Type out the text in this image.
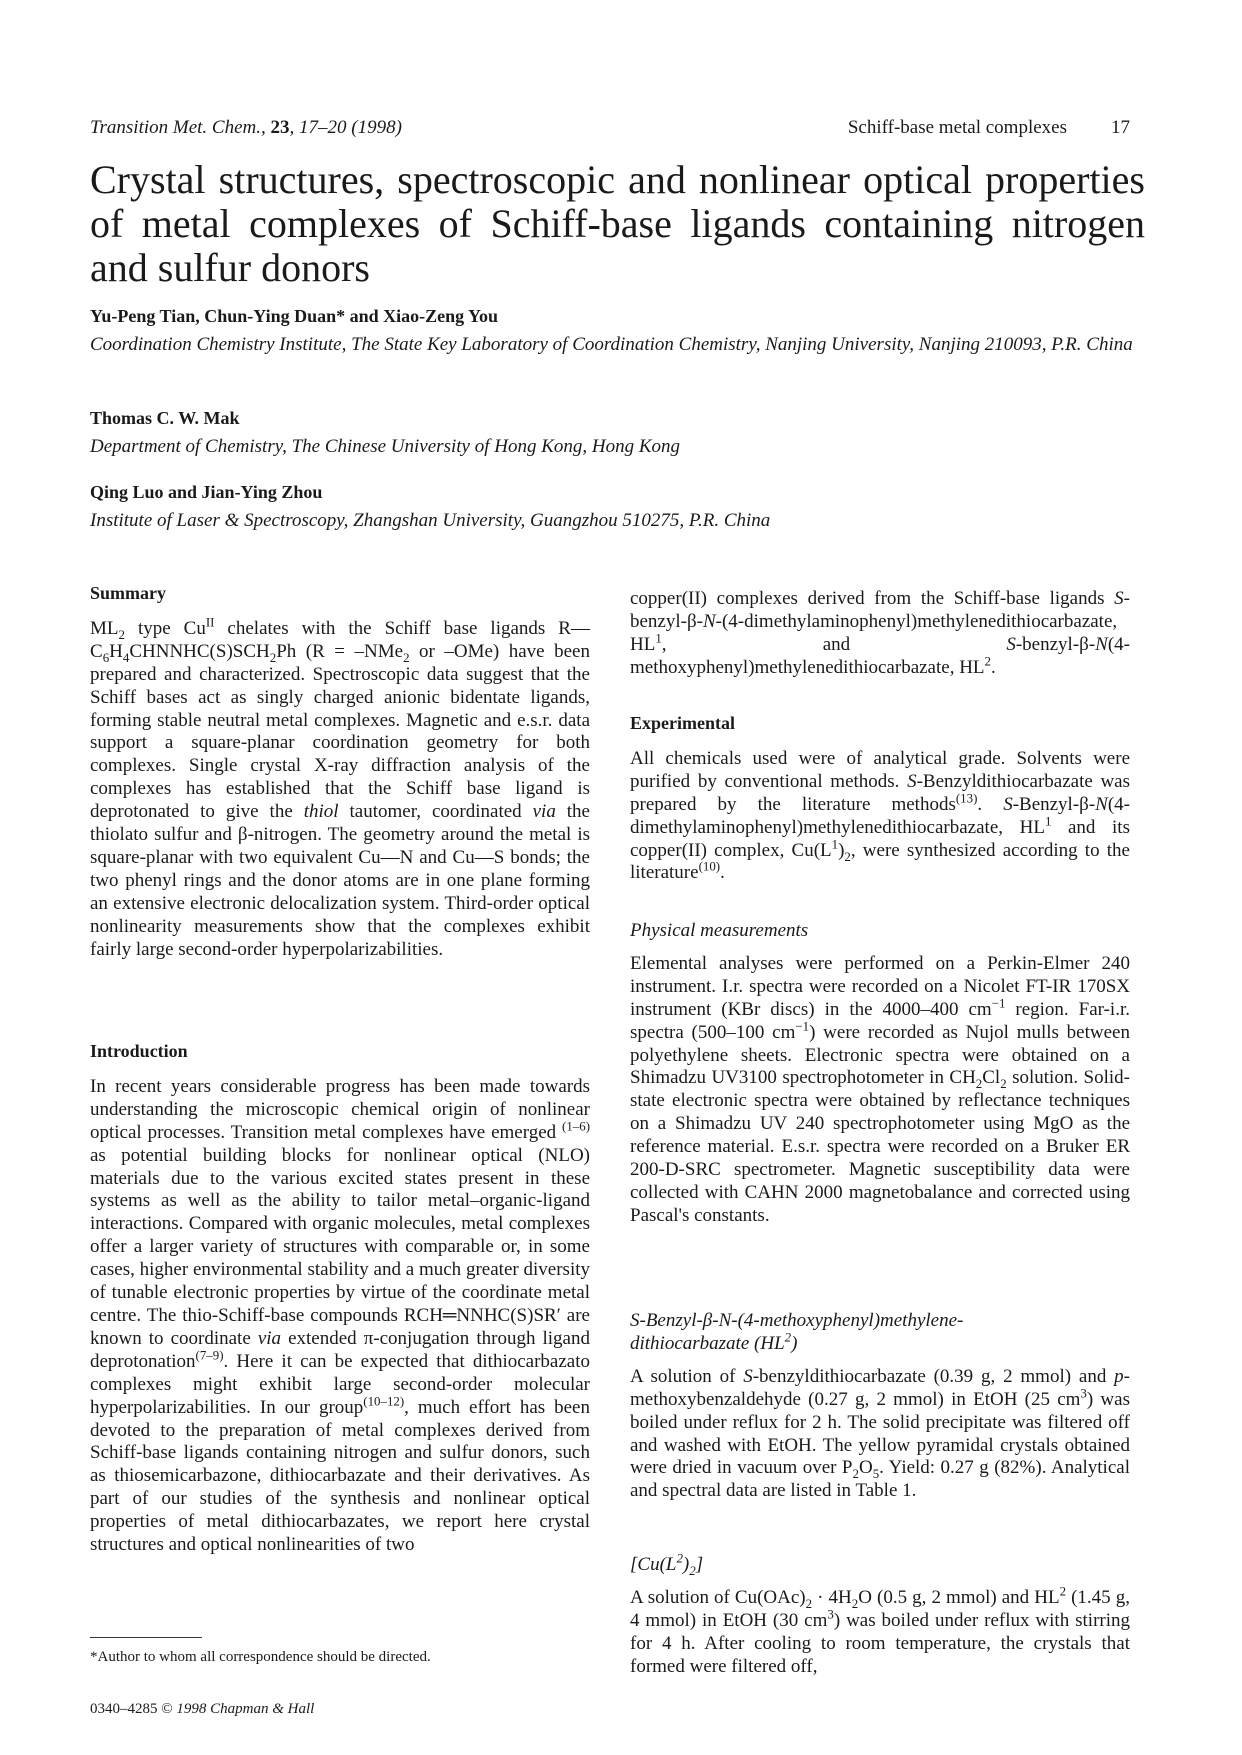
Transition Met. Chem., 23, 17–20 (1998)	Schiff-base metal complexes 17
Crystal structures, spectroscopic and nonlinear optical properties of metal complexes of Schiff-base ligands containing nitrogen and sulfur donors
Yu-Peng Tian, Chun-Ying Duan* and Xiao-Zeng You
Coordination Chemistry Institute, The State Key Laboratory of Coordination Chemistry, Nanjing University, Nanjing 210093, P.R. China
Thomas C. W. Mak
Department of Chemistry, The Chinese University of Hong Kong, Hong Kong
Qing Luo and Jian-Ying Zhou
Institute of Laser & Spectroscopy, Zhangshan University, Guangzhou 510275, P.R. China
Summary

$ML_2$ type $Cu^{II}$ chelates with the Schiff base ligands $R—C_6H_4CHNNHC(S)SCH_2Ph$ (R = –NMe$_2$ or –OMe) have been prepared and characterized. Spectroscopic data suggest that the Schiff bases act as singly charged anionic bidentate ligands, forming stable neutral metal complexes. Magnetic and e.s.r. data support a square-planar coordination geometry for both complexes. Single crystal X-ray diffraction analysis of the complexes has established that the Schiff base ligand is deprotonated to give the thiol tautomer, coordinated via the thiolato sulfur and β-nitrogen. The geometry around the metal is square-planar with two equivalent Cu—N and Cu—S bonds; the two phenyl rings and the donor atoms are in one plane forming an extensive electronic delocalization system. Third-order optical nonlinearity measurements show that the complexes exhibit fairly large second-order hyperpolarizabilities.

Introduction

In recent years considerable progress has been made towards understanding the microscopic chemical origin of nonlinear optical processes. Transition metal complexes have emerged $^{(1-6)}$ as potential building blocks for nonlinear optical (NLO) materials due to the various excited states present in these systems as well as the ability to tailor metal–organic-ligand interactions. Compared with organic molecules, metal complexes offer a larger variety of structures with comparable or, in some cases, higher environmental stability and a much greater diversity of tunable electronic properties by virtue of the coordinate metal centre. The thio-Schiff-base compounds RCH═NNHC(S)SR′ are known to coordinate via extended π-conjugation through ligand deprotonation$^{(7-9)}$. Here it can be expected that dithiocarbazato complexes might exhibit large second-order molecular hyperpolarizabilities. In our group$^{(10-12)}$, much effort has been devoted to the preparation of metal complexes derived from Schiff-base ligands containing nitrogen and sulfur donors, such as thiosemicarbazone, dithiocarbazate and their derivatives. As part of our studies of the synthesis and nonlinear optical properties of metal dithiocarbazates, we report here crystal structures and optical nonlinearities of two

copper(II) complexes derived from the Schiff-base ligands S-benzyl-β-N-(4-dimethylaminophenyl)methylenedithiocarbazate, $HL^1$, and S-benzyl-β-N(4-methoxyphenyl)methylenedithiocarbazate, $HL^2$.

Experimental

All chemicals used were of analytical grade. Solvents were purified by conventional methods. S-Benzyldithiocarbazate was prepared by the literature methods$^{(13)}$. S-Benzyl-β-N(4-dimethylaminophenyl)methylenedithiocarbazate, $HL^1$ and its copper(II) complex, $Cu(L^1)_2$, were synthesized according to the literature$^{(10)}$.

Physical measurements

Elemental analyses were performed on a Perkin-Elmer 240 instrument. I.r. spectra were recorded on a Nicolet FT-IR 170SX instrument (KBr discs) in the 4000–400 $cm^{-1}$ region. Far-i.r. spectra (500–100 $cm^{-1}$) were recorded as Nujol mulls between polyethylene sheets. Electronic spectra were obtained on a Shimadzu UV3100 spectrophotometer in $CH_2Cl_2$ solution. Solid-state electronic spectra were obtained by reflectance techniques on a Shimadzu UV 240 spectrophotometer using MgO as the reference material. E.s.r. spectra were recorded on a Bruker ER 200-D-SRC spectrometer. Magnetic susceptibility data were collected with CAHN 2000 magnetobalance and corrected using Pascal's constants.

S-Benzyl-β-N-(4-methoxyphenyl)methylene-
dithiocarbazate $(HL^2)$

A solution of S-benzyldithiocarbazate (0.39 g, 2 mmol) and p-methoxybenzaldehyde (0.27 g, 2 mmol) in EtOH (25 $cm^3$) was boiled under reflux for 2 h. The solid precipitate was filtered off and washed with EtOH. The yellow pyramidal crystals obtained were dried in vacuum over $P_2O_5$. Yield: 0.27 g (82%). Analytical and spectral data are listed in Table 1.

$[Cu(L^2)_2]$

A solution of $Cu(OAc)_2 \cdot 4H_2O$ (0.5 g, 2 mmol) and $HL^2$ (1.45 g, 4 mmol) in EtOH (30 $cm^3$) was boiled under reflux with stirring for 4 h. After cooling to room temperature, the crystals that formed were filtered off,

*Author to whom all correspondence should be directed.
0340–4285 © 1998 Chapman & Hall
